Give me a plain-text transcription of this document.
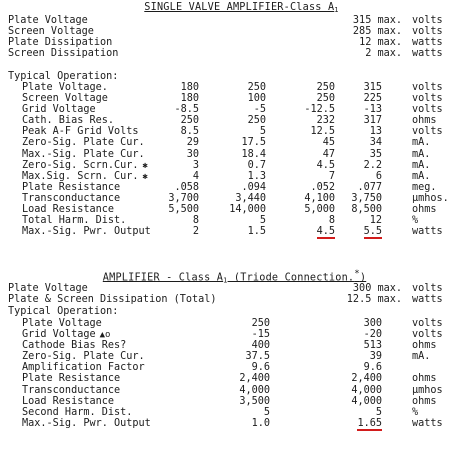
SINGLE VALVE AMPLIFIER-Class $A_1$
Plate Voltage	315 max. volts
Screen Voltage	285 max. volts
Plate Dissipation	12 max. watts
Screen Dissipation	2 max. watts
Typical Operation:
Plate Voltage.	180	250	250	315	volts
Screen Voltage	180	100	250	225	volts
Grid Voltage	-8.5	-5	-12.5	-13	volts
Cath. Bias Res.	250	250	232	317	ohms
Peak A-F Grid Volts	8.5	5	12.5	13	volts
Zero-Sig. Plate Cur.	29	17.5	45	34	mA.
Max.-Sig. Plate Cur.	30	18.4	47	35	mA.
Zero-Sig. Scrn.Cur. ✱	3	0.7	4.5	2.2	mA.
Max.Sig. Scrn. Cur. ✱	4	1.3	7	6	mA.
Plate Resistance	.058	.094	.052 .077	meg.
Transconductance	3,700	3,440	4,100 3,750	µmhos.
Load Resistance	5,500	14,000	5,000 8,500	ohms
Total Harm. Dist.	8	5	8	12	%
Max.-Sig. Pwr. Output	2	1.5	4.5	5.5	watts
AMPLIFIER - Class $A_1$ (Triode Connection.*)
Plate Voltage	300 max. volts
Plate & Screen Dissipation (Total)	12.5 max. watts
Typical Operation:
Plate Voltage	250	300	volts
Grid Voltage ▲o	-15	-20	volts
Cathode Bias Res?	400	513	ohms
Zero-Sig. Plate Cur.	37.5	39	mA.
Amplification Factor	9.6	9.6
Plate Resistance	2,400	2,400	ohms
Transconductance	4,000	4,000	µmhos
Load Resistance	3,500	4,000	ohms
Second Harm. Dist.	5	5	%
Max.-Sig. Pwr. Output	1.0	1.65	watts
